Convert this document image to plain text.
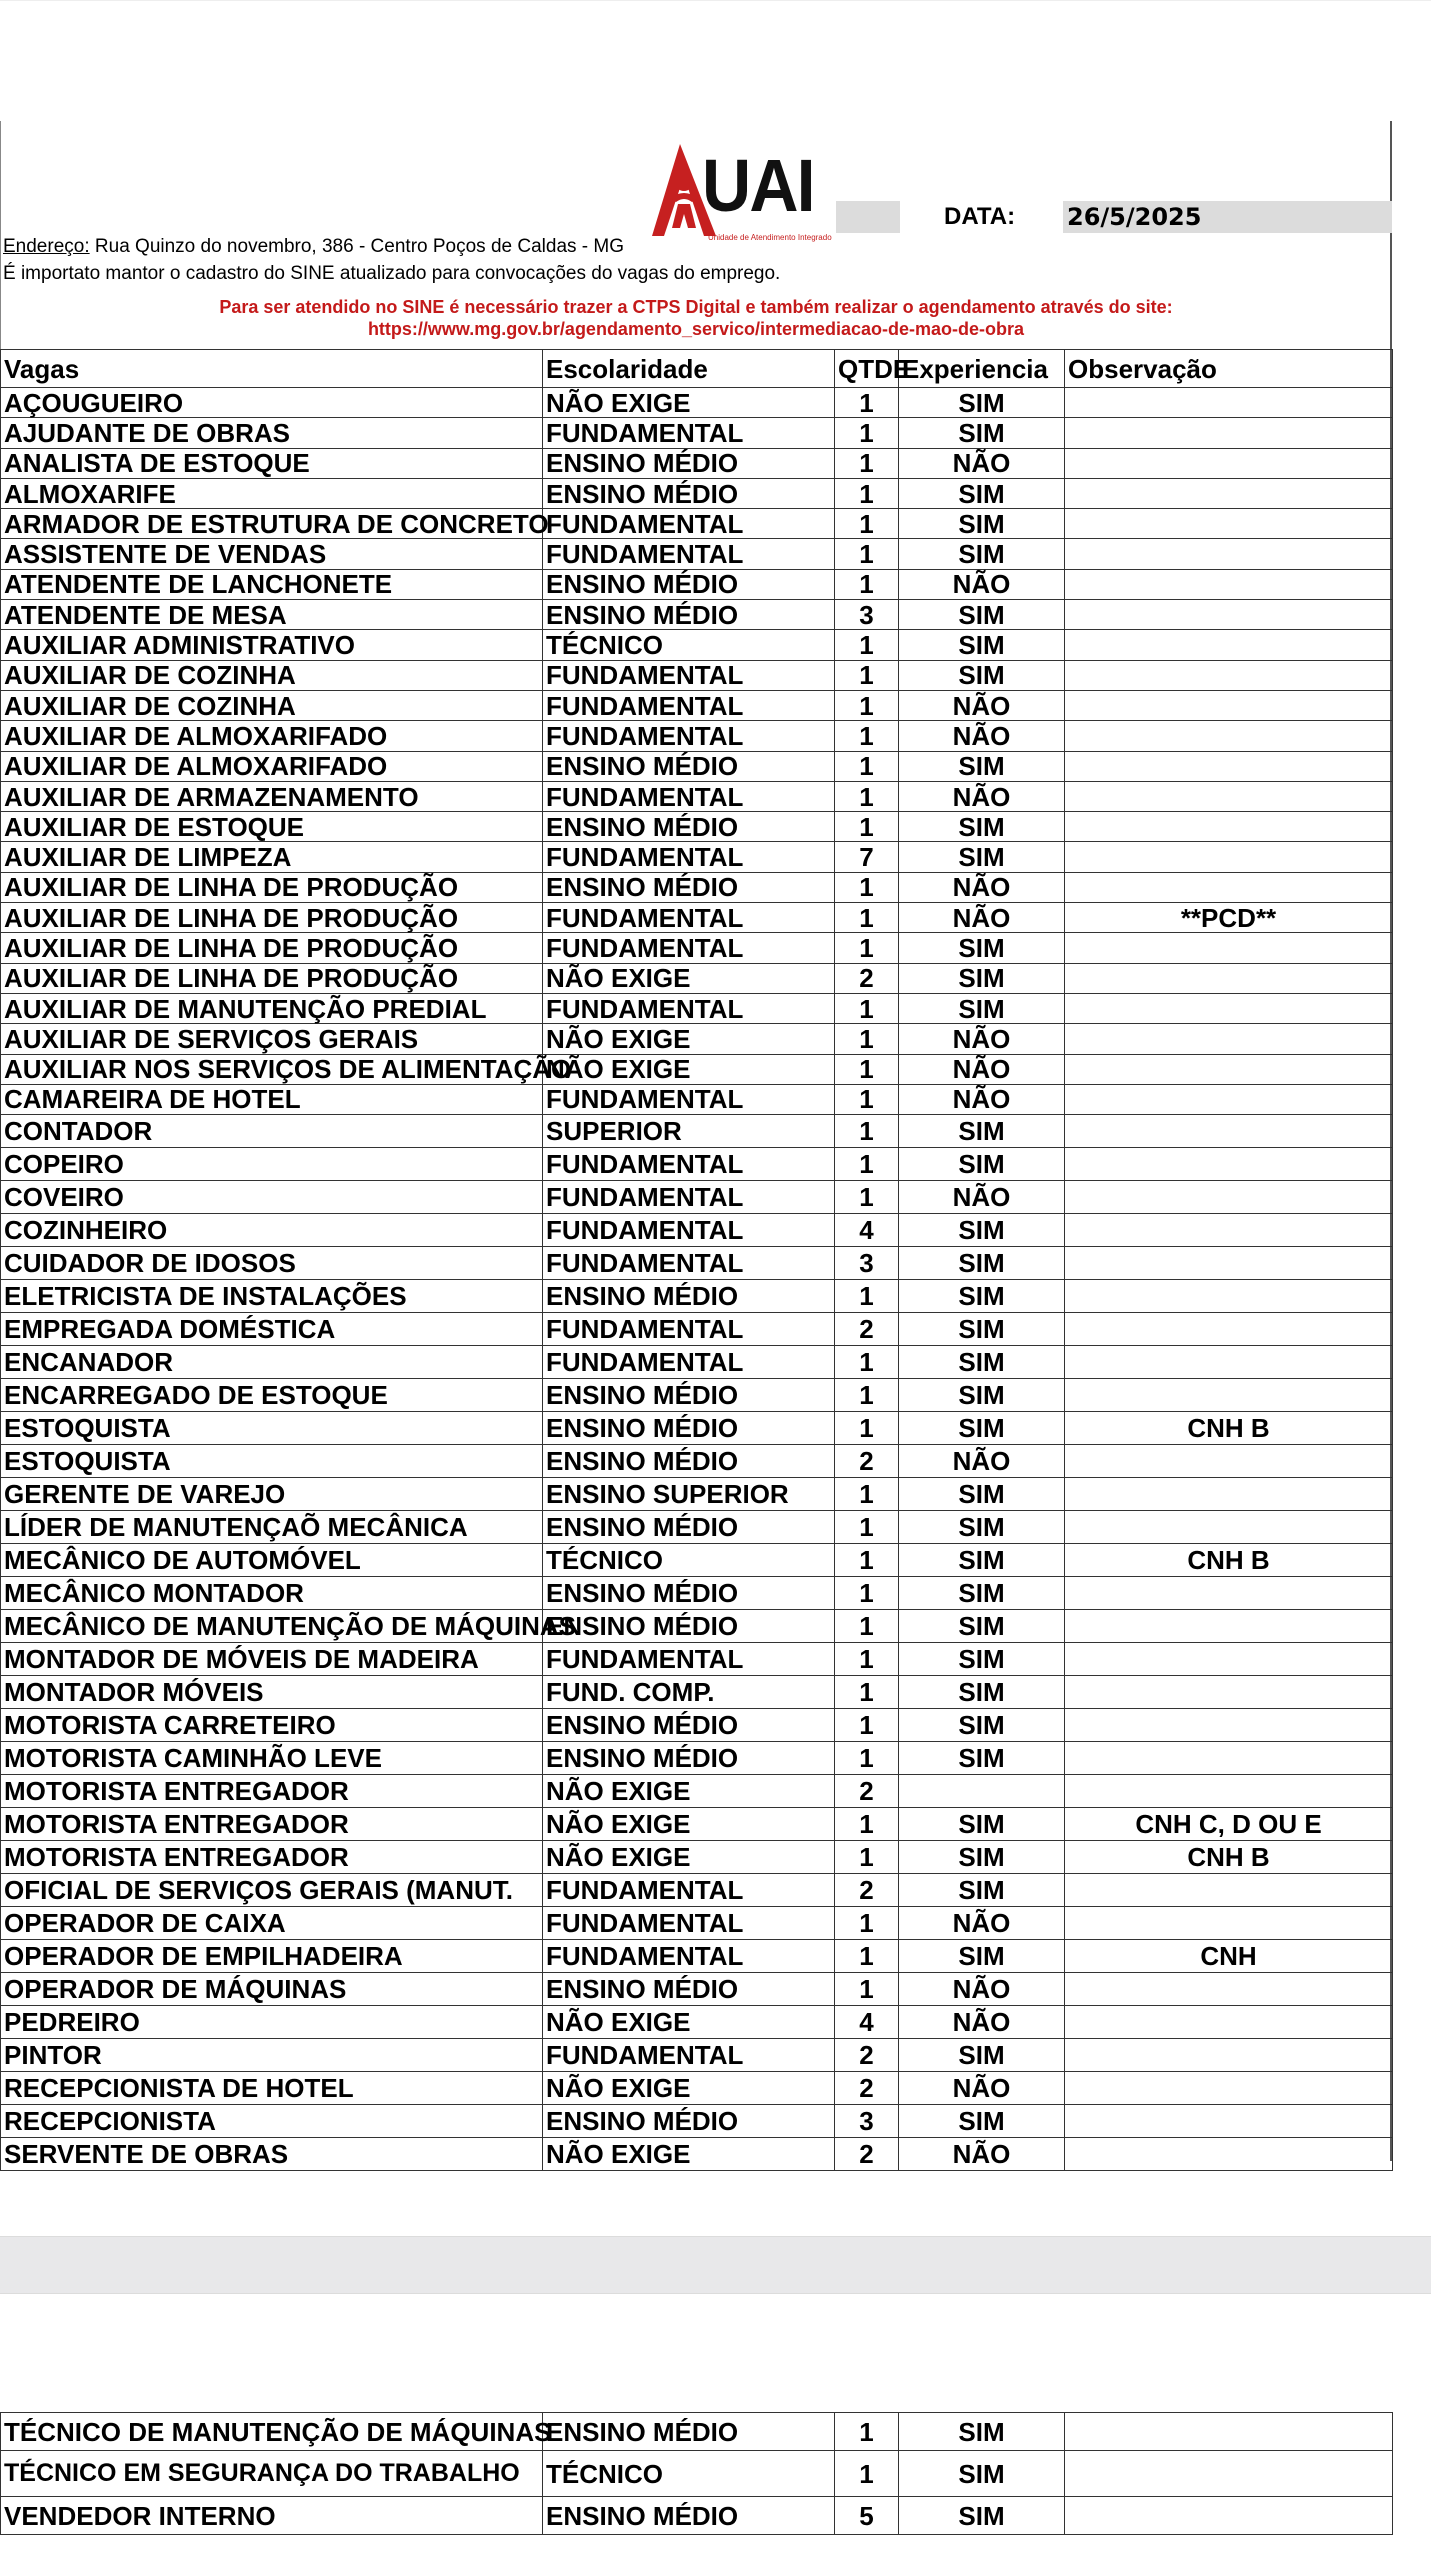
UAI
Unidade de Atendimento Integrado
DATA: 26/5/2025
Endereço: Rua Quinzo do novembro, 386 - Centro Poços de Caldas - MG
É importato mantor o cadastro do SINE atualizado para convocações do vagas do emprego.
Para ser atendido no SINE é necessário trazer a CTPS Digital e também realizar o agendamento através do site:
https://www.mg.gov.br/agendamento_servico/intermediacao-de-mao-de-obra
Vagas	Escolaridade	QTDE	Experiencia	Observação
AÇOUGUEIRO	NÃO EXIGE	1	SIM	
AJUDANTE DE OBRAS	FUNDAMENTAL	1	SIM	
ANALISTA DE ESTOQUE	ENSINO MÉDIO	1	NÃO	
ALMOXARIFE	ENSINO MÉDIO	1	SIM	
ARMADOR DE ESTRUTURA DE CONCRETO	FUNDAMENTAL	1	SIM	
ASSISTENTE DE VENDAS	FUNDAMENTAL	1	SIM	
ATENDENTE DE LANCHONETE	ENSINO MÉDIO	1	NÃO	
ATENDENTE DE MESA	ENSINO MÉDIO	3	SIM	
AUXILIAR ADMINISTRATIVO	TÉCNICO	1	SIM	
AUXILIAR DE COZINHA	FUNDAMENTAL	1	SIM	
AUXILIAR DE COZINHA	FUNDAMENTAL	1	NÃO	
AUXILIAR DE ALMOXARIFADO	FUNDAMENTAL	1	NÃO	
AUXILIAR DE ALMOXARIFADO	ENSINO MÉDIO	1	SIM	
AUXILIAR DE ARMAZENAMENTO	FUNDAMENTAL	1	NÃO	
AUXILIAR DE ESTOQUE	ENSINO MÉDIO	1	SIM	
AUXILIAR DE LIMPEZA	FUNDAMENTAL	7	SIM	
AUXILIAR DE LINHA DE PRODUÇÃO	ENSINO MÉDIO	1	NÃO	
AUXILIAR DE LINHA DE PRODUÇÃO	FUNDAMENTAL	1	NÃO	**PCD**
AUXILIAR DE LINHA DE PRODUÇÃO	FUNDAMENTAL	1	SIM	
AUXILIAR DE LINHA DE PRODUÇÃO	NÃO EXIGE	2	SIM	
AUXILIAR DE MANUTENÇÃO PREDIAL	FUNDAMENTAL	1	SIM	
AUXILIAR DE SERVIÇOS GERAIS	NÃO EXIGE	1	NÃO	
AUXILIAR NOS SERVIÇOS DE ALIMENTAÇÃO	NÃO EXIGE	1	NÃO	
CAMAREIRA DE HOTEL	FUNDAMENTAL	1	NÃO	
CONTADOR	SUPERIOR	1	SIM	
COPEIRO	FUNDAMENTAL	1	SIM	
COVEIRO	FUNDAMENTAL	1	NÃO	
COZINHEIRO	FUNDAMENTAL	4	SIM	
CUIDADOR DE IDOSOS	FUNDAMENTAL	3	SIM	
ELETRICISTA DE INSTALAÇÕES	ENSINO MÉDIO	1	SIM	
EMPREGADA DOMÉSTICA	FUNDAMENTAL	2	SIM	
ENCANADOR	FUNDAMENTAL	1	SIM	
ENCARREGADO DE ESTOQUE	ENSINO MÉDIO	1	SIM	
ESTOQUISTA	ENSINO MÉDIO	1	SIM	CNH B
ESTOQUISTA	ENSINO MÉDIO	2	NÃO	
GERENTE DE VAREJO	ENSINO SUPERIOR	1	SIM	
LÍDER DE MANUTENÇAÕ MECÂNICA	ENSINO MÉDIO	1	SIM	
MECÂNICO DE AUTOMÓVEL	TÉCNICO	1	SIM	CNH B
MECÂNICO MONTADOR	ENSINO MÉDIO	1	SIM	
MECÂNICO DE MANUTENÇÃO DE MÁQUINAS	ENSINO MÉDIO	1	SIM	
MONTADOR DE MÓVEIS DE MADEIRA	FUNDAMENTAL	1	SIM	
MONTADOR MÓVEIS	FUND. COMP.	1	SIM	
MOTORISTA CARRETEIRO	ENSINO MÉDIO	1	SIM	
MOTORISTA CAMINHÃO LEVE	ENSINO MÉDIO	1	SIM	
MOTORISTA ENTREGADOR	NÃO EXIGE	2		
MOTORISTA ENTREGADOR	NÃO EXIGE	1	SIM	CNH C, D OU E
MOTORISTA ENTREGADOR	NÃO EXIGE	1	SIM	CNH B
OFICIAL DE SERVIÇOS GERAIS (MANUT.	FUNDAMENTAL	2	SIM	
OPERADOR DE CAIXA	FUNDAMENTAL	1	NÃO	
OPERADOR DE EMPILHADEIRA	FUNDAMENTAL	1	SIM	CNH
OPERADOR DE MÁQUINAS	ENSINO MÉDIO	1	NÃO	
PEDREIRO	NÃO EXIGE	4	NÃO	
PINTOR	FUNDAMENTAL	2	SIM	
RECEPCIONISTA DE HOTEL	NÃO EXIGE	2	NÃO	
RECEPCIONISTA	ENSINO MÉDIO	3	SIM	
SERVENTE DE OBRAS	NÃO EXIGE	2	NÃO	
TÉCNICO DE MANUTENÇÃO DE MÁQUINAS	ENSINO MÉDIO	1	SIM	
TÉCNICO EM SEGURANÇA DO TRABALHO	TÉCNICO	1	SIM	
VENDEDOR INTERNO	ENSINO MÉDIO	5	SIM	
